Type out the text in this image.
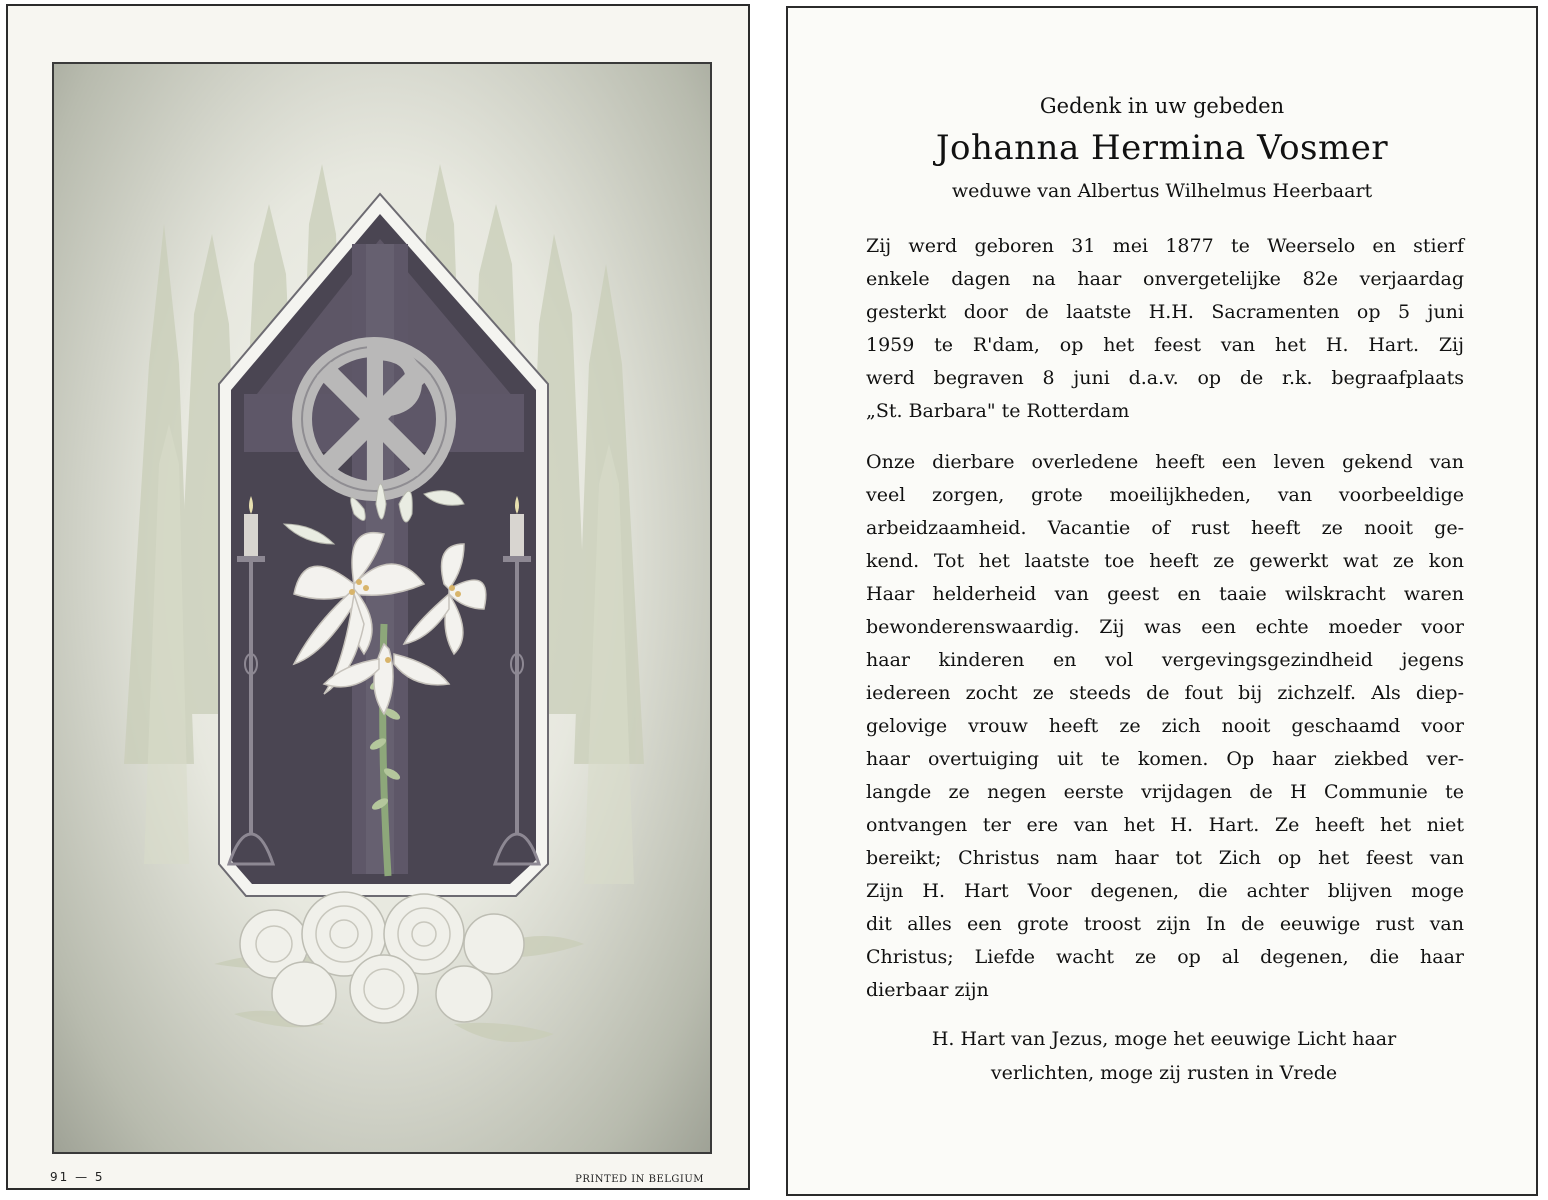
91 — 5	PRINTED IN BELGIUM
Gedenk in uw gebeden
Johanna Hermina Vosmer
weduwe van Albertus Wilhelmus Heerbaart
Zij werd geboren 31 mei 1877 te Weerselo en stierf
enkele dagen na haar onvergetelijke 82e verjaardag
gesterkt door de laatste H.H. Sacramenten op 5 juni
1959 te R'dam, op het feest van het H. Hart. Zij
werd begraven 8 juni d.a.v. op de r.k. begraafplaats
„St. Barbara" te Rotterdam
Onze dierbare overledene heeft een leven gekend van
veel zorgen, grote moeilijkheden, van voorbeeldige
arbeidzaamheid. Vacantie of rust heeft ze nooit ge-
kend. Tot het laatste toe heeft ze gewerkt wat ze kon
Haar helderheid van geest en taaie wilskracht waren
bewonderenswaardig. Zij was een echte moeder voor
haar kinderen en vol vergevingsgezindheid jegens
iedereen zocht ze steeds de fout bij zichzelf. Als diep-
gelovige vrouw heeft ze zich nooit geschaamd voor
haar overtuiging uit te komen. Op haar ziekbed ver-
langde ze negen eerste vrijdagen de H Communie te
ontvangen ter ere van het H. Hart. Ze heeft het niet
bereikt; Christus nam haar tot Zich op het feest van
Zijn H. Hart Voor degenen, die achter blijven moge
dit alles een grote troost zijn In de eeuwige rust van
Christus; Liefde wacht ze op al degenen, die haar
dierbaar zijn
H. Hart van Jezus, moge het eeuwige Licht haar
verlichten, moge zij rusten in Vrede
